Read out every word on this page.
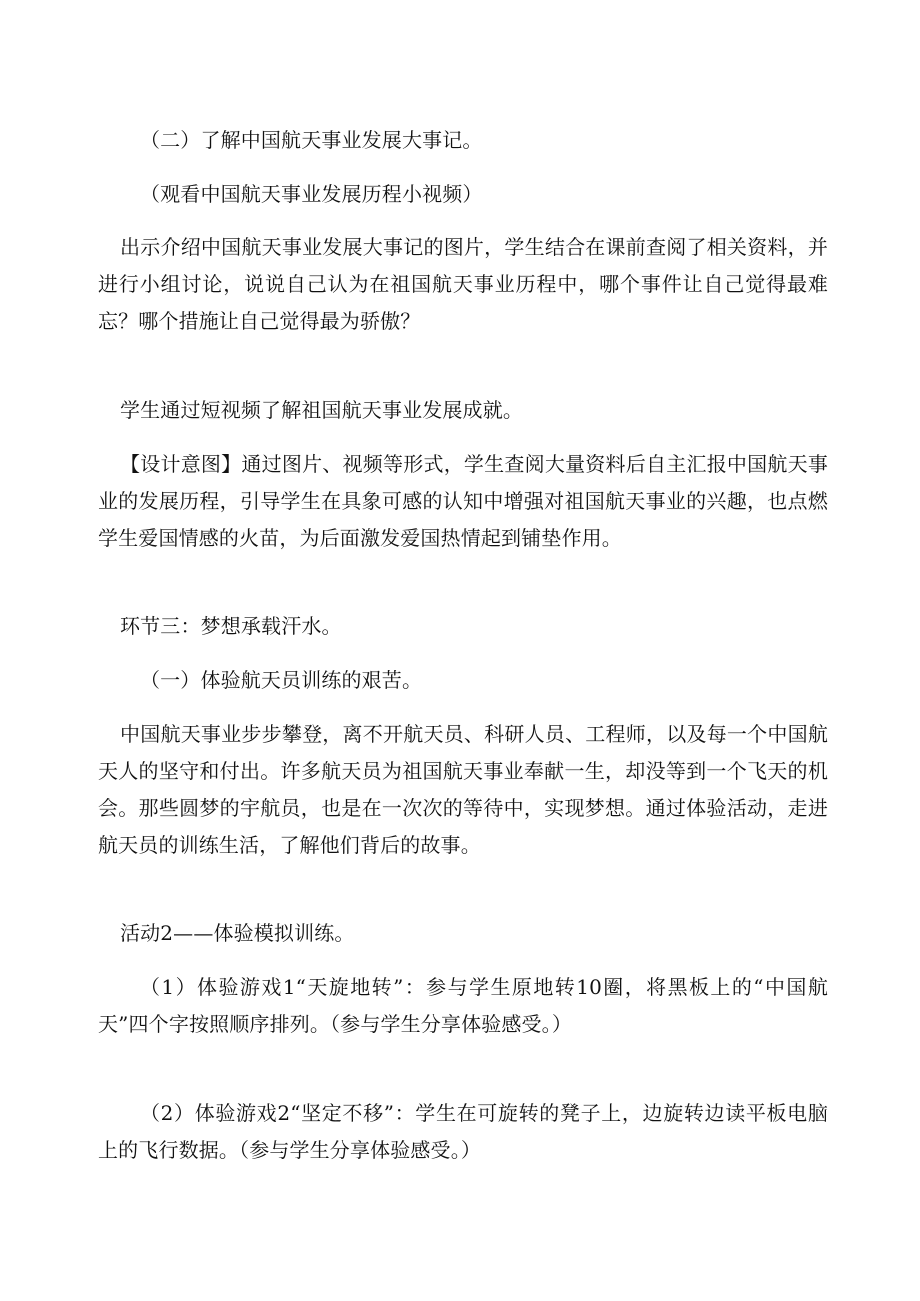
（二）了解中国航天事业发展大事记。

（观看中国航天事业发展历程小视频）

出示介绍中国航天事业发展大事记的图片，学生结合在课前查阅了相关资料，并进行小组讨论，说说自己认为在祖国航天事业历程中，哪个事件让自己觉得最难忘？哪个措施让自己觉得最为骄傲？

学生通过短视频了解祖国航天事业发展成就。

【设计意图】通过图片、视频等形式，学生查阅大量资料后自主汇报中国航天事业的发展历程，引导学生在具象可感的认知中增强对祖国航天事业的兴趣，也点燃学生爱国情感的火苗，为后面激发爱国热情起到铺垫作用。

环节三：梦想承载汗水。

（一）体验航天员训练的艰苦。

中国航天事业步步攀登，离不开航天员、科研人员、工程师，以及每一个中国航天人的坚守和付出。许多航天员为祖国航天事业奉献一生，却没等到一个飞天的机会。那些圆梦的宇航员，也是在一次次的等待中，实现梦想。通过体验活动，走进航天员的训练生活，了解他们背后的故事。

活动2——体验模拟训练。

（1）体验游戏1“天旋地转”：参与学生原地转10圈，将黑板上的“中国航天”四个字按照顺序排列。（参与学生分享体验感受。）

（2）体验游戏2“坚定不移”：学生在可旋转的凳子上，边旋转边读平板电脑上的飞行数据。（参与学生分享体验感受。）
